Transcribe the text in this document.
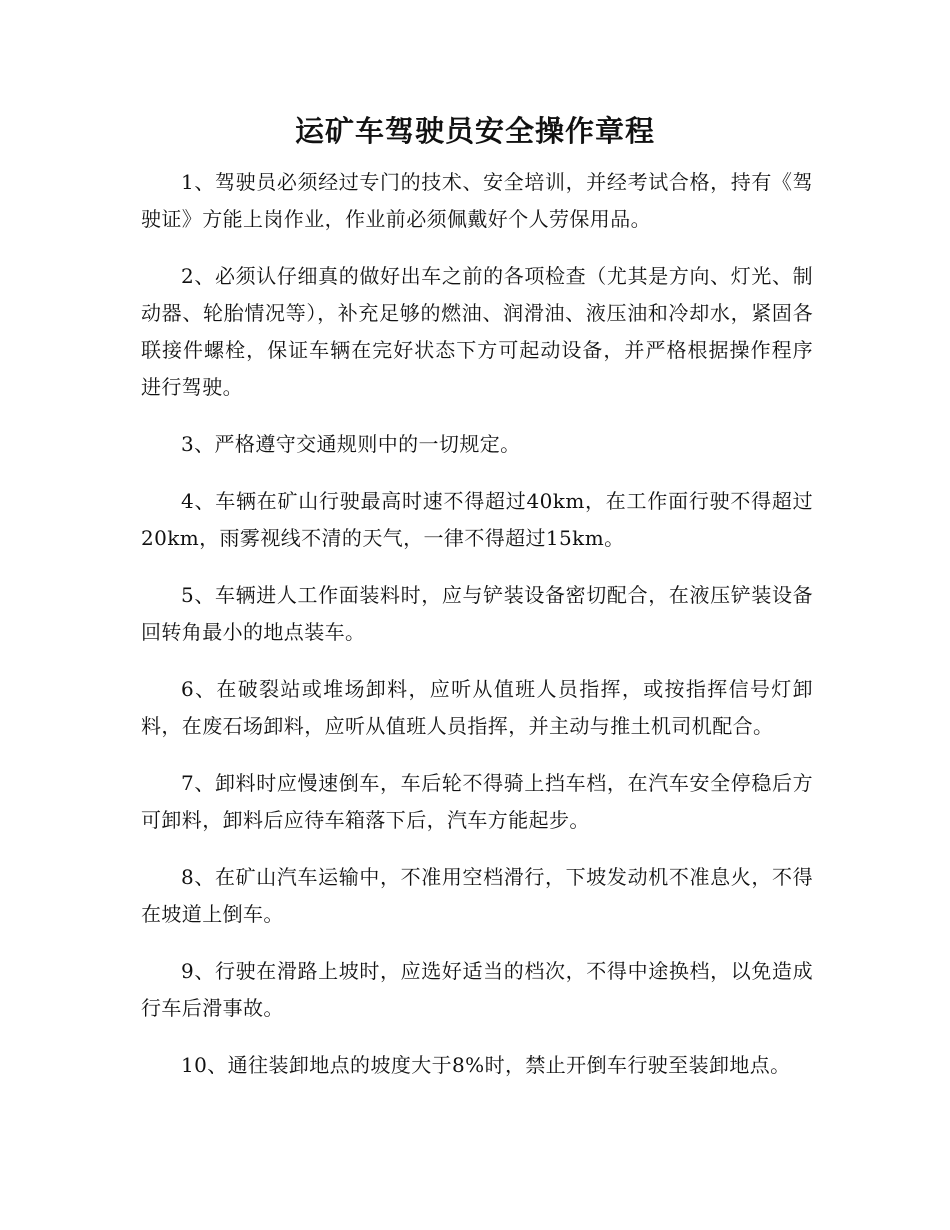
运矿车驾驶员安全操作章程

1、驾驶员必须经过专门的技术、安全培训，并经考试合格，持有《驾驶证》方能上岗作业，作业前必须佩戴好个人劳保用品。

2、必须认仔细真的做好出车之前的各项检查（尤其是方向、灯光、制动器、轮胎情况等），补充足够的燃油、润滑油、液压油和冷却水，紧固各联接件螺栓，保证车辆在完好状态下方可起动设备，并严格根据操作程序进行驾驶。

3、严格遵守交通规则中的一切规定。

4、车辆在矿山行驶最高时速不得超过40km，在工作面行驶不得超过20km，雨雾视线不清的天气，一律不得超过15km。

5、车辆进人工作面装料时，应与铲装设备密切配合，在液压铲装设备回转角最小的地点装车。

6、在破裂站或堆场卸料，应听从值班人员指挥，或按指挥信号灯卸料，在废石场卸料，应听从值班人员指挥，并主动与推土机司机配合。

7、卸料时应慢速倒车，车后轮不得骑上挡车档，在汽车安全停稳后方可卸料，卸料后应待车箱落下后，汽车方能起步。

8、在矿山汽车运输中，不准用空档滑行，下坡发动机不准息火，不得在坡道上倒车。

9、行驶在滑路上坡时，应选好适当的档次，不得中途换档，以免造成行车后滑事故。

10、通往装卸地点的坡度大于8%时，禁止开倒车行驶至装卸地点。
